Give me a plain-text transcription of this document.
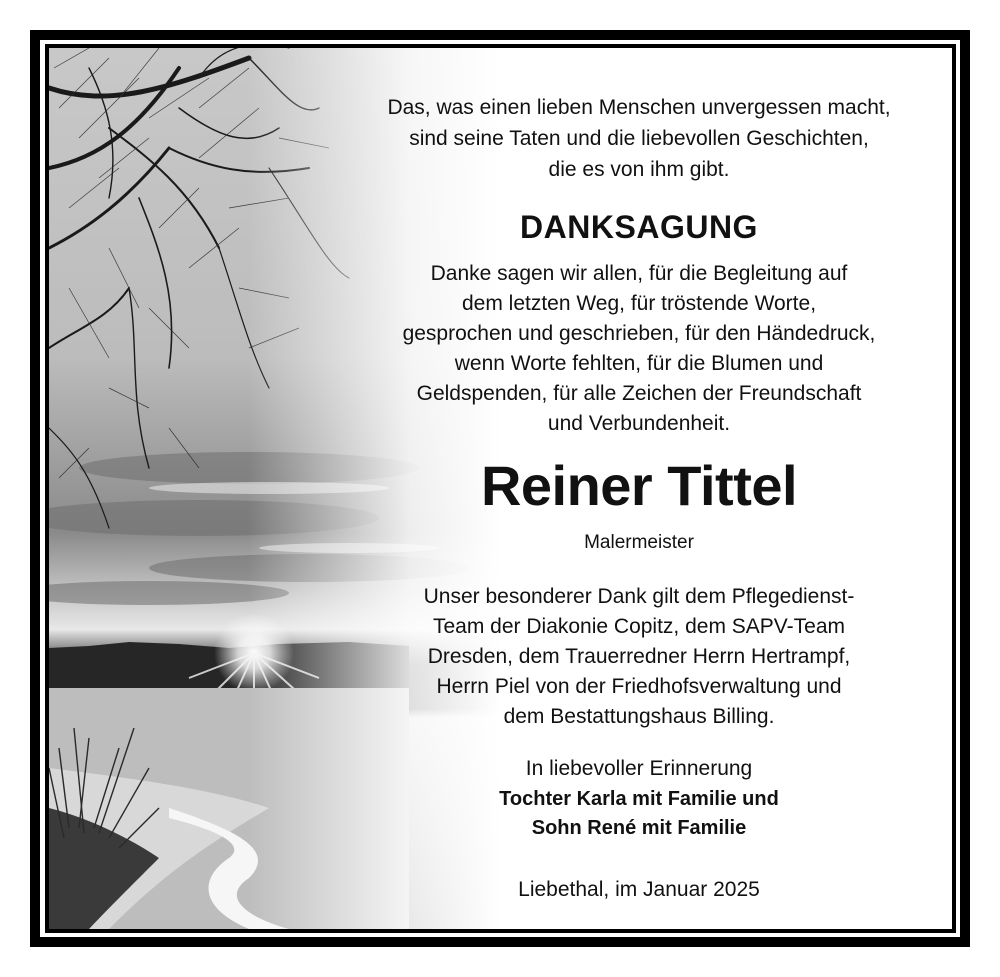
Das, was einen lieben Menschen unvergessen macht,
sind seine Taten und die liebevollen Geschichten,
die es von ihm gibt.
DANKSAGUNG
Danke sagen wir allen, für die Begleitung auf
dem letzten Weg, für tröstende Worte,
gesprochen und geschrieben, für den Händedruck,
wenn Worte fehlten, für die Blumen und
Geldspenden, für alle Zeichen der Freundschaft
und Verbundenheit.
Reiner Tittel
Malermeister
Unser besonderer Dank gilt dem Pflegedienst-
Team der Diakonie Copitz, dem SAPV-Team
Dresden, dem Trauerredner Herrn Hertrampf,
Herrn Piel von der Friedhofsverwaltung und
dem Bestattungshaus Billing.
In liebevoller Erinnerung
Tochter Karla mit Familie und
Sohn René mit Familie
Liebethal, im Januar 2025
